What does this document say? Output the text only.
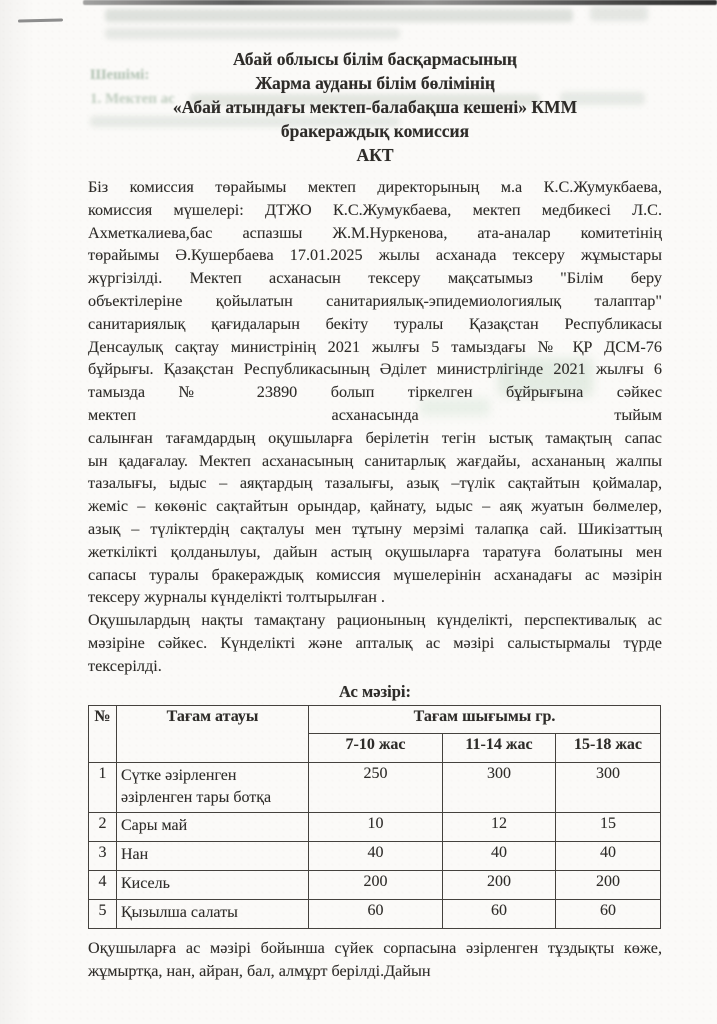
Шешімі:
1. Мектеп ас
Абай облысы білім басқармасының
Жарма ауданы білім бөлімінің
«Абай атындағы мектеп-балабақша кешені» КММ
бракераждық комиссия
АКТ
Біз комиссия төрайымы мектеп директорының м.а К.С.Жумукбаева,
комиссия мүшелері: ДТЖО К.С.Жумукбаева, мектеп медбикесі Л.С.
Ахметкалиева,бас аспазшы Ж.М.Нуркенова, ата-аналар комитетінің
төрайымы Ә.Кушербаева 17.01.2025 жылы асханада тексеру жұмыстары
жүргізілді. Мектеп асханасын тексеру мақсатымыз "Білім беру
объектілеріне қойылатын санитариялық-эпидемиологиялық талаптар"
санитариялық қағидаларын бекіту туралы Қазақстан Республикасы
Денсаулық сақтау министрінің 2021 жылғы 5 тамыздағы № ҚР ДСМ-76
бұйрығы. Қазақстан Республикасының Әділет министрлігінде 2021 жылғы 6
тамызда № 23890 болып тіркелген бұйрығына сәйкес
мектеп асханасында тыйым
салынған тағамдардың оқушыларға берілетін тегін ыстық тамақтың сапас
ын қадағалау. Мектеп асханасының санитарлық жағдайы, асхананың жалпы
тазалығы, ыдыс – аяқтардың тазалығы, азық –түлік сақтайтын қоймалар,
жеміс – көкөніс сақтайтын орындар, қайнату, ыдыс – аяқ жуатын бөлмелер,
азық – түліктердің сақталуы мен тұтыну мерзімі талапқа сай. Шикізаттың
жеткілікті қолданылуы, дайын астың оқушыларға таратуға болатыны мен
сапасы туралы бракераждық комиссия мүшелерінін асханадағы ас мәзірін
тексеру журналы күнделікті толтырылған .
Оқушылардың нақты тамақтану рационының күнделікті, перспективалық ас
мәзіріне сәйкес. Күнделікті және апталық ас мәзірі салыстырмалы түрде
тексерілді.
Ас мәзірі:
№	Тағам атауы	Тағам шығымы гр.		
		7-10 жас	11-14 жас	15-18 жас
1	Сүтке әзірленген әзірленген тары ботқа	250	300	300
2	Сары май	10	12	15
3	Нан	40	40	40
4	Кисель	200	200	200
5	Қызылша салаты	60	60	60
Оқушыларға ас мәзірі бойынша сүйек сорпасына әзірленген тұздықты көже,
жұмыртқа, нан, айран, бал, алмұрт берілді.Дайын
